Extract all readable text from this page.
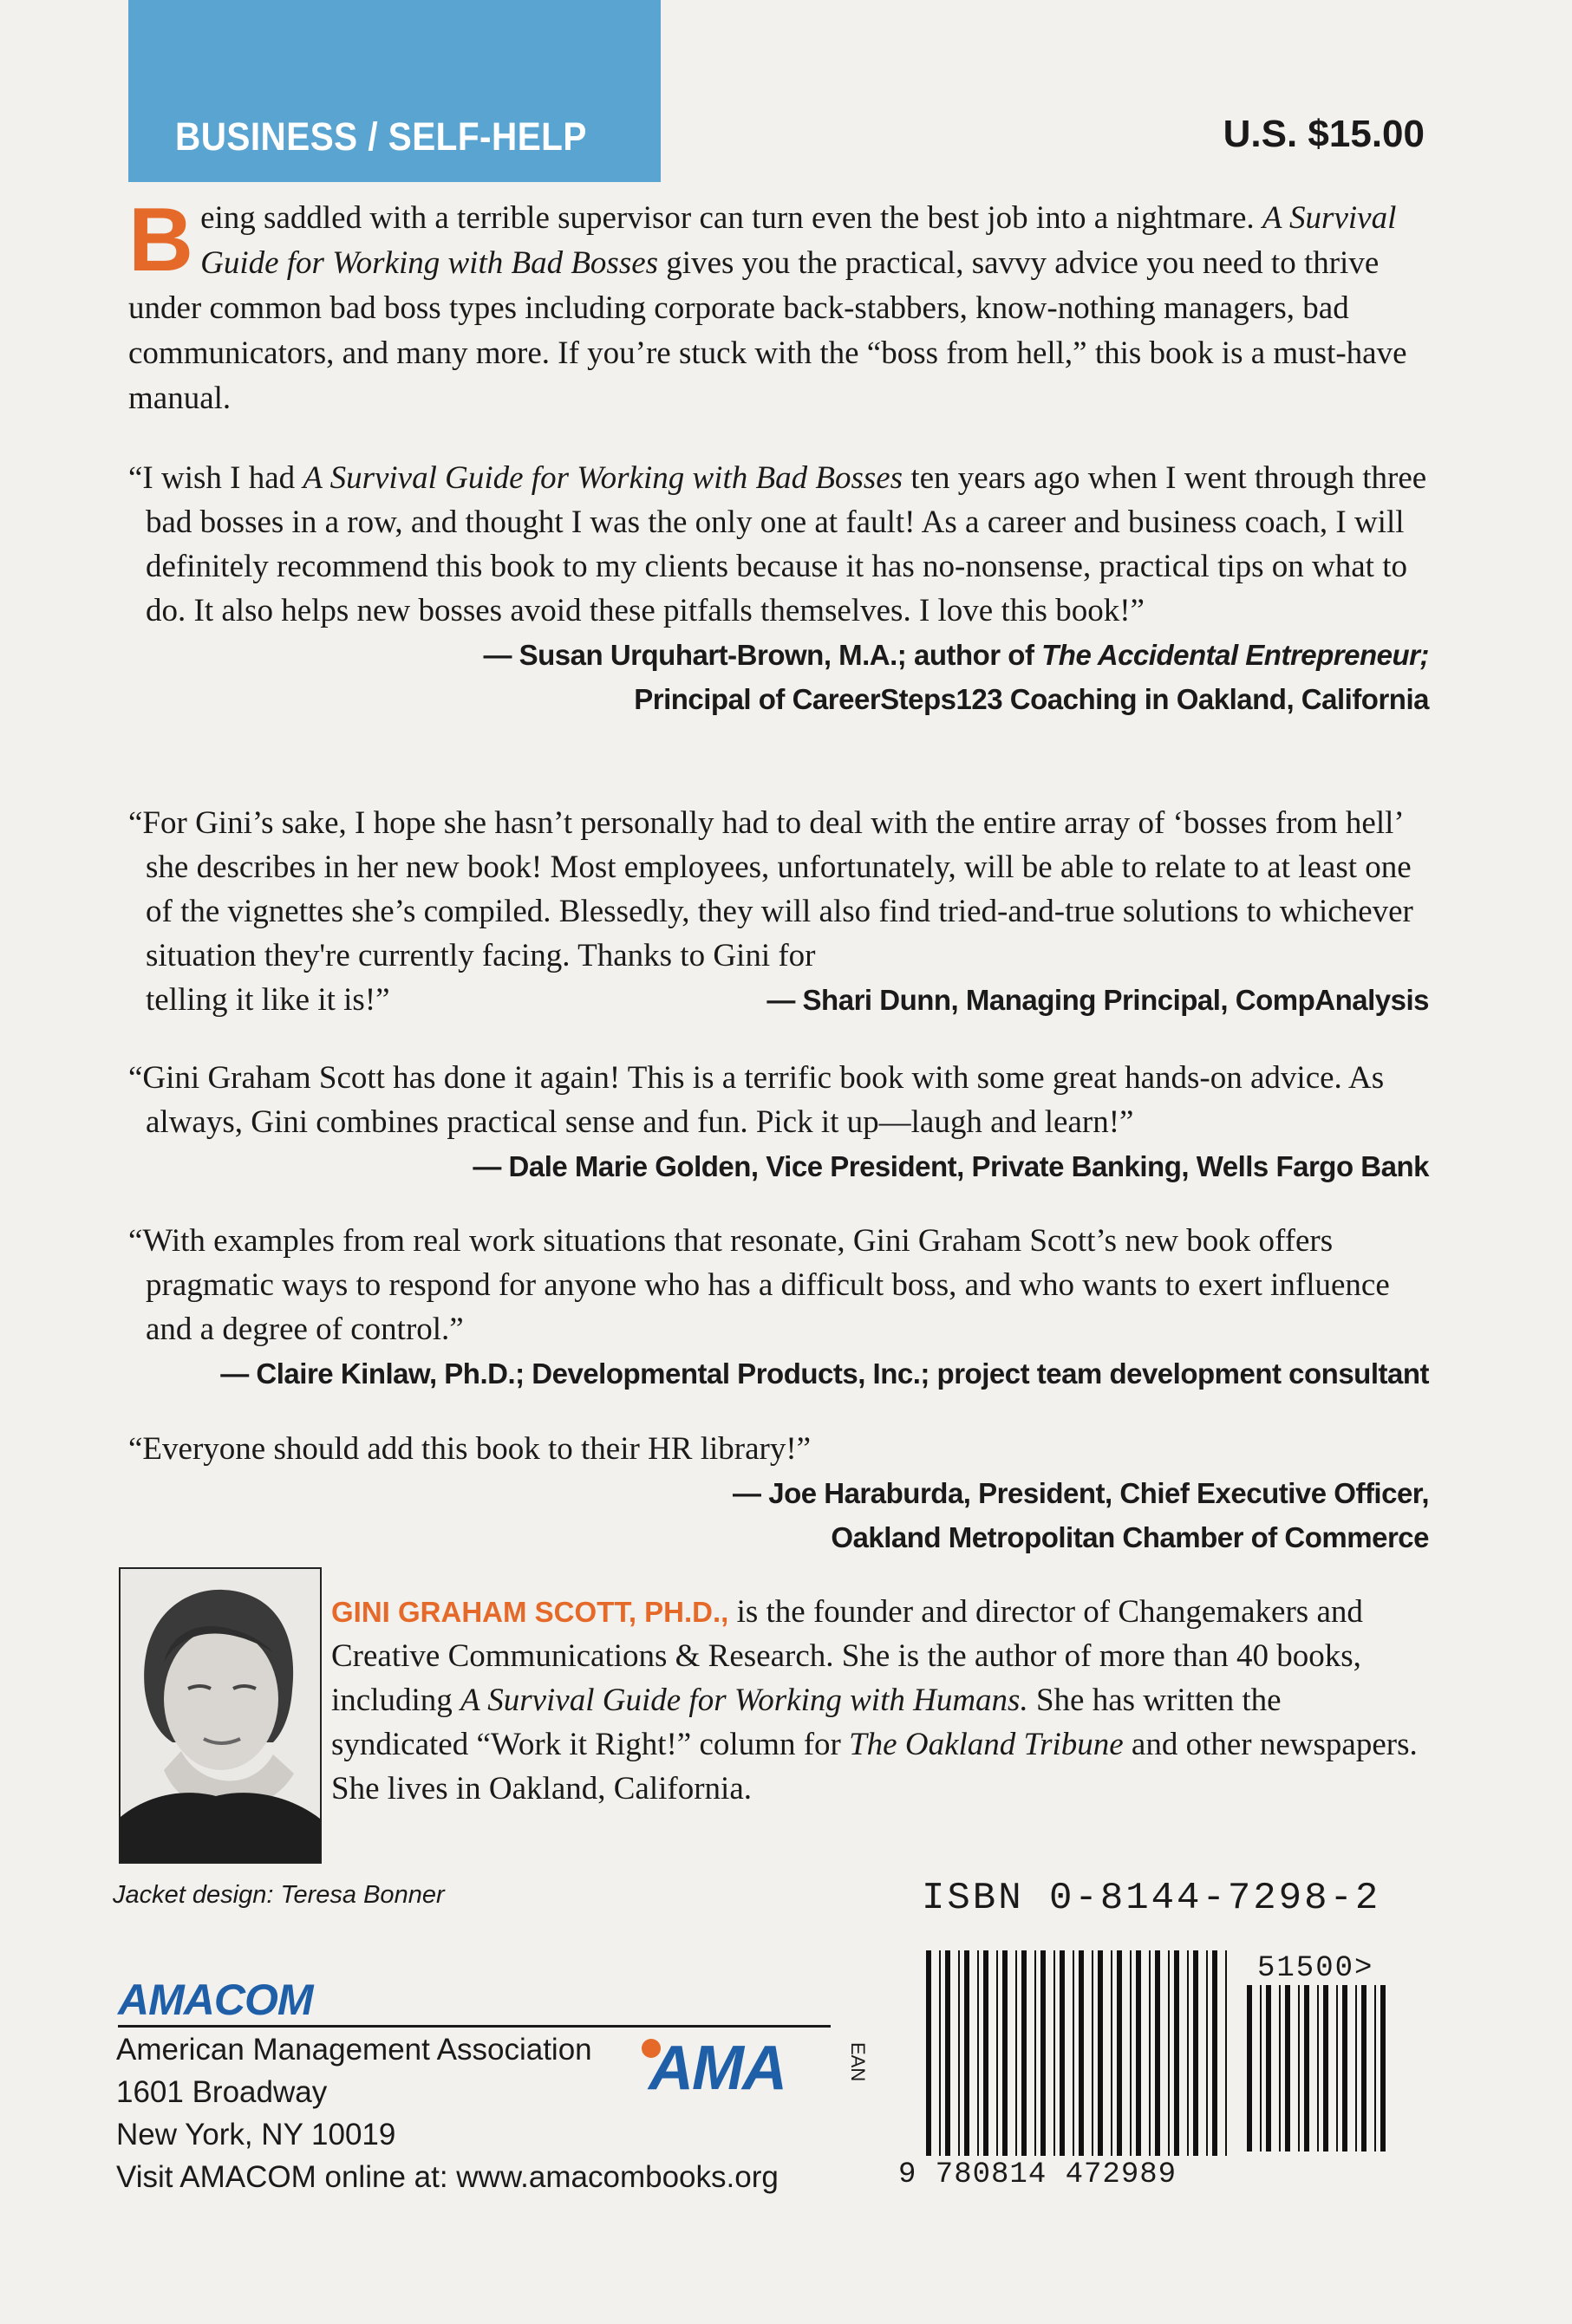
BUSINESS / SELF-HELP	U.S. $15.00
Being saddled with a terrible supervisor can turn even the best job into a nightmare. A Survival Guide for Working with Bad Bosses gives you the practical, savvy advice you need to thrive under common bad boss types including corporate back-stabbers, know-nothing managers, bad communicators, and many more. If you’re stuck with the “boss from hell,” this book is a must-have manual.
“I wish I had A Survival Guide for Working with Bad Bosses ten years ago when I went through three bad bosses in a row, and thought I was the only one at fault! As a career and business coach, I will definitely recommend this book to my clients because it has no-nonsense, practical tips on what to do. It also helps new bosses avoid these pitfalls themselves. I love this book!”
— Susan Urquhart-Brown, M.A.; author of The Accidental Entrepreneur;
Principal of CareerSteps123 Coaching in Oakland, California
“For Gini’s sake, I hope she hasn’t personally had to deal with the entire array of ‘bosses from hell’ she describes in her new book! Most employees, unfortunately, will be able to relate to at least one of the vignettes she’s compiled. Blessedly, they will also find tried-and-true solutions to whichever situation they're currently facing. Thanks to Gini for
telling it like it is!”	— Shari Dunn, Managing Principal, CompAnalysis
“Gini Graham Scott has done it again! This is a terrific book with some great hands-on advice. As always, Gini combines practical sense and fun. Pick it up—laugh and learn!”
— Dale Marie Golden, Vice President, Private Banking, Wells Fargo Bank
“With examples from real work situations that resonate, Gini Graham Scott’s new book offers pragmatic ways to respond for anyone who has a difficult boss, and who wants to exert influence and a degree of control.”
— Claire Kinlaw, Ph.D.; Developmental Products, Inc.; project team development consultant
“Everyone should add this book to their HR library!”
— Joe Haraburda, President, Chief Executive Officer,
Oakland Metropolitan Chamber of Commerce
GINI GRAHAM SCOTT, PH.D., is the founder and director of Changemakers and Creative Communications & Research. She is the author of more than 40 books, including A Survival Guide for Working with Humans. She has written the syndicated “Work it Right!” column for The Oakland Tribune and other newspapers. She lives in Oakland, California.
Jacket design: Teresa Bonner	ISBN 0-8144-7298-2
AMACOM
American Management Association
1601 Broadway
New York, NY 10019
Visit AMACOM online at: www.amacombooks.org
AMA	EAN
9 780814 472989
51500>
